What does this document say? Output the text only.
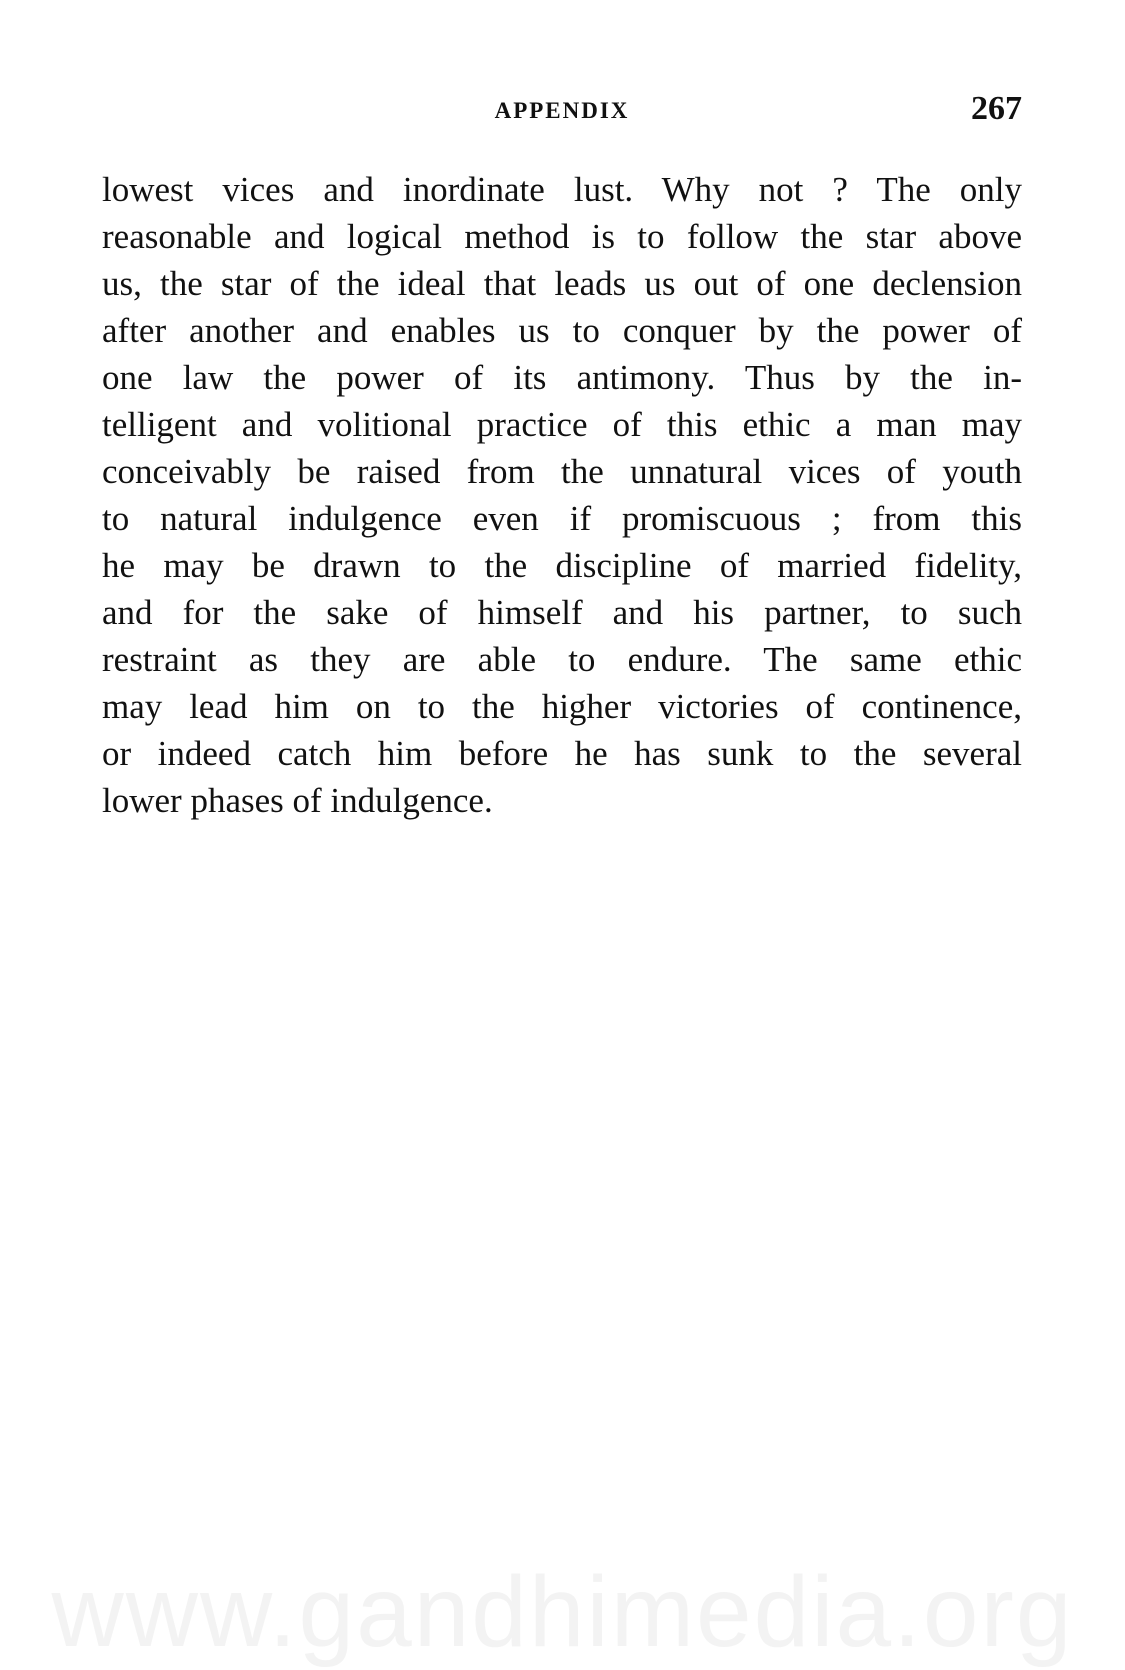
APPENDIX	267
lowest vices and inordinate lust. Why not ? The only
reasonable and logical method is to follow the star above
us, the star of the ideal that leads us out of one declension
after another and enables us to conquer by the power of
one law the power of its antimony. Thus by the in-
telligent and volitional practice of this ethic a man may
conceivably be raised from the unnatural vices of youth
to natural indulgence even if promiscuous ; from this
he may be drawn to the discipline of married fidelity,
and for the sake of himself and his partner, to such
restraint as they are able to endure. The same ethic
may lead him on to the higher victories of continence,
or indeed catch him before he has sunk to the several
lower phases of indulgence.
www.gandhimedia.org
